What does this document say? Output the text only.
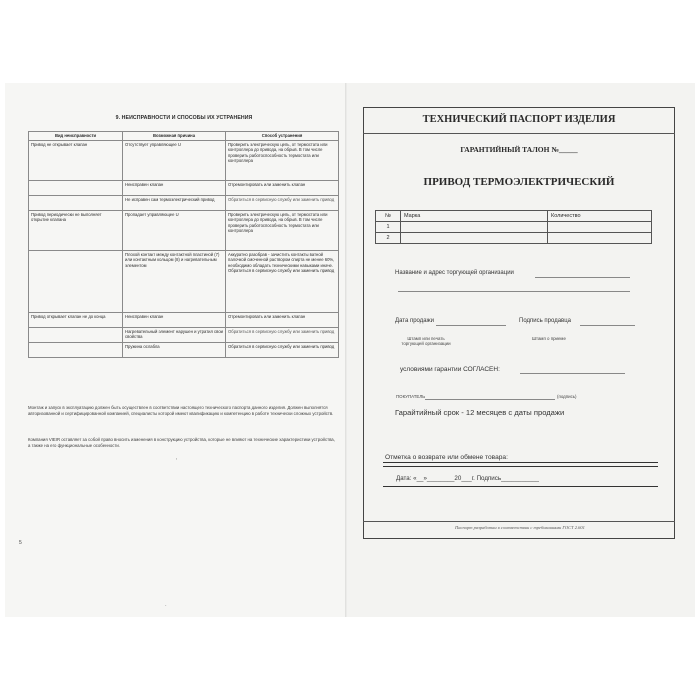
9. НЕИСПРАВНОСТИ И СПОСОБЫ ИХ УСТРАНЕНИЯ
Вид неисправности	Возможная причина	Способ устранения
Привод не открывает клапан	Отсутствует управляющее U	Проверить электрическую цепь, от термостата или контроллера до привода, на обрыв. В том числе проверить работоспособность термостата или контроллера
	Неисправен клапан	Отремонтировать или заменить клапан
	Не исправен сам термоэлектрический привод	Обратиться в сервисную службу или заменить привод
Привод периодически не выполняет открытие клапана	Пропадает управляющее U	Проверить электрическую цепь, от термостата или контроллера до привода, на обрыв. В том числе проверить работоспособность термостата или контроллера
	Плохой контакт между контактной пластиной (7) или контактным кольцом (8) и нагревательным элементом	Аккуратно разобрав - зачистить контакты ватной палочкой смоченной раствором спирта не менее 60%, необходимо обладать техническими навыками иначе. Обратиться в сервисную службу или заменить привод
Привод открывает клапан не до конца	Неисправен клапан	Отремонтировать или заменить клапан
	Нагревательный элемент нарушен и утратил свои свойства	Обратиться в сервисную службу или заменить привод
	Пружина ослабла	Обратиться в сервисную службу или заменить привод
Монтаж и запуск в эксплуатацию должен быть осуществлен в соответствии настоящего технического паспорта данного изделия. Должен выполнятся авторизованной и сертифицированной компанией, специалисты которой имеют квалификацию и компетенцию в работе технически сложных устройств.
Компания VIEIR оставляет за собой право вносить изменения в конструкцию устройства, которые не влияют на технические характеристики устройства, а также на его функциональные особенности.
,
·
5
ТЕХНИЧЕСКИЙ ПАСПОРТ ИЗДЕЛИЯ
ГАРАНТИЙНЫЙ ТАЛОН №_____
ПРИВОД ТЕРМОЭЛЕКТРИЧЕСКИЙ
№	Марка	Количество
1		
2		
Название и адрес торгующей организации
Дата продажи	Подпись продавца
Штамп или печать торгующей организации
Штамп о приеме
условиями гарантии СОГЛАСЕН:
ПОКУПАТЕЛЬ	(подпись)
Гарайтийный срок - 12 месяцев с даты продажи
Отметка о возврате или обмене товара:
Дата: «__»________20___г. Подпись___________
Паспорт разработан в соответствии с требованиями ГОСТ 2.601
